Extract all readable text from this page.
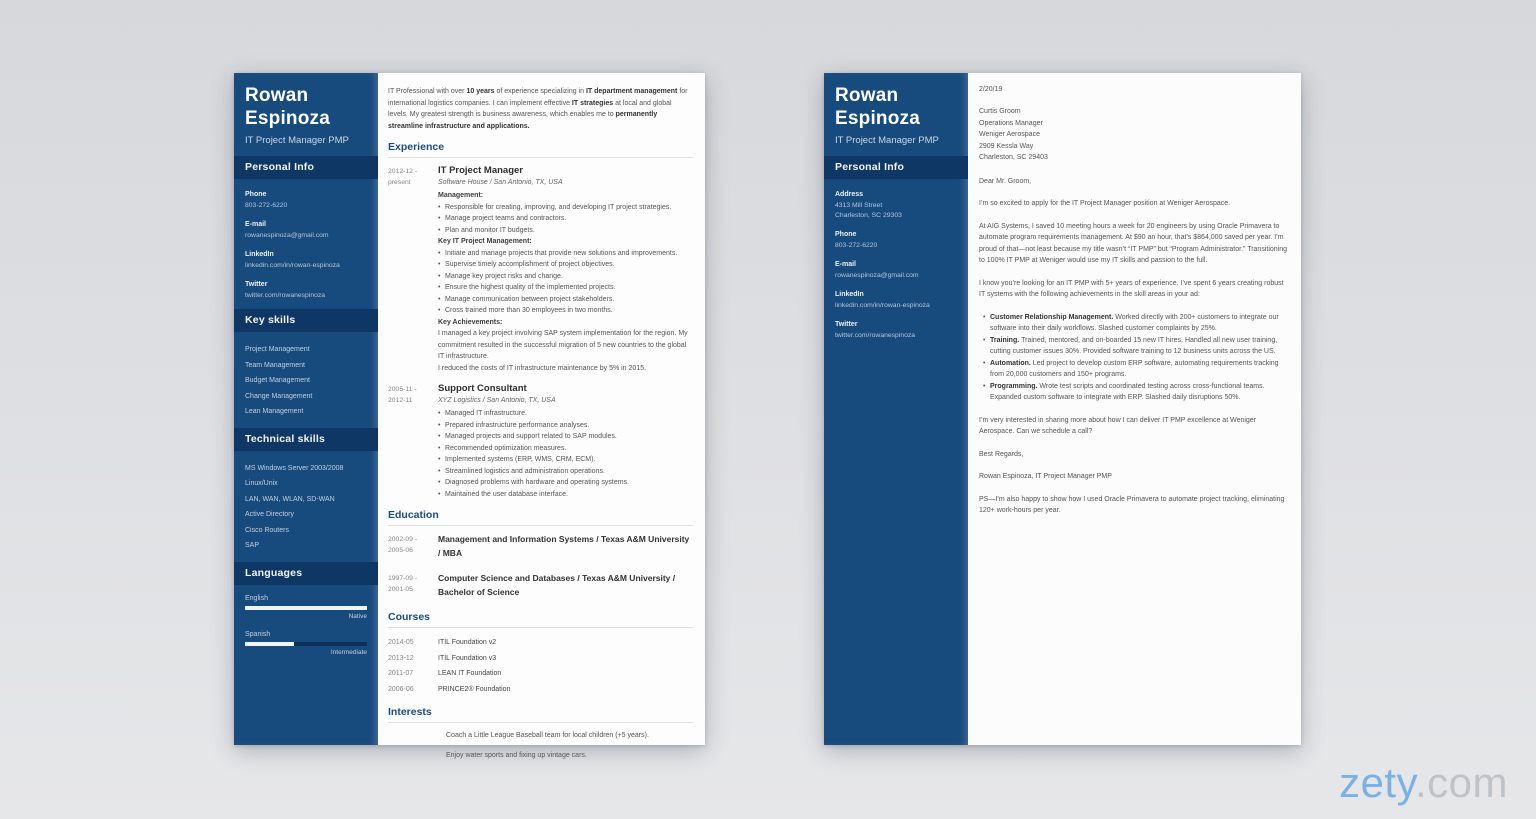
Rowan
Espinoza
IT Project Manager PMP
Personal Info
Phone
803-272-6220
E-mail
rowanespinoza@gmail.com
LinkedIn
linkedin.com/in/rowan-espinoza
Twitter
twitter.com/rowanespinoza
Key skills
Project Management
Team Management
Budget Management
Change Management
Lean Management
Technical skills
MS Windows Server 2003/2008
Linux/Unix
LAN, WAN, WLAN, SD-WAN
Active Directory
Cisco Routers
SAP
Languages
English
Native
Spanish
Intermediate

IT Professional with over 10 years of experience specializing in IT department management for international logistics companies. I can implement effective IT strategies at local and global levels. My greatest strength is business awareness, which enables me to permanently streamline infrastructure and applications.

Experience
2012-12 -
present
IT Project Manager
Software House / San Antonio, TX, USA
Management:
• Responsible for creating, improving, and developing IT project strategies.
• Manage project teams and contractors.
• Plan and monitor IT budgets.
Key IT Project Management:
• Initiate and manage projects that provide new solutions and improvements.
• Supervise timely accomplishment of project objectives.
• Manage key project risks and change.
• Ensure the highest quality of the implemented projects.
• Manage communication between project stakeholders.
• Cross trained more than 30 employees in two months.
Key Achievements:
I managed a key project involving SAP system implementation for the region. My commitment resulted in the successful migration of 5 new countries to the global IT infrastructure.
I reduced the costs of IT infrastructure maintenance by 5% in 2015.
2005-11 -
2012-11
Support Consultant
XYZ Logistics / San Antonio, TX, USA
• Managed IT infrastructure.
• Prepared infrastructure performance analyses.
• Managed projects and support related to SAP modules.
• Recommended optimization measures.
• Implemented systems (ERP, WMS, CRM, ECM).
• Streamlined logistics and administration operations.
• Diagnosed problems with hardware and operating systems.
• Maintained the user database interface.
Education
2002-09 -
2005-06
Management and Information Systems / Texas A&M University / MBA
1997-09 -
2001-05
Computer Science and Databases / Texas A&M University / Bachelor of Science
Courses
2014-05	ITIL Foundation v2
2013-12	ITIL Foundation v3
2011-07	LEAN IT Foundation
2006-06	PRINCE2® Foundation
Interests
Coach a Little League Baseball team for local children (+5 years).
Enjoy water sports and fixing up vintage cars.
Rowan
Espinoza
IT Project Manager PMP
Personal Info
Address
4313 Mill Street
Charleston, SC 29303
Phone
803-272-6220
E-mail
rowanespinoza@gmail.com
LinkedIn
linkedin.com/in/rowan-espinoza
Twitter
twitter.com/rowanespinoza
2/20/19
Curtis Groom
Operations Manager
Weniger Aerospace
2909 Kessla Way
Charleston, SC 29403
Dear Mr. Groom,
I’m so excited to apply for the IT Project Manager position at Weniger Aerospace.
At AIG Systems, I saved 10 meeting hours a week for 20 engineers by using Oracle Primavera to automate program requirements management. At $90 an hour, that’s $864,000 saved per year. I’m proud of that—not least because my title wasn’t “IT PMP” but “Program Administrator.” Transitioning to 100% IT PMP at Weniger would use my IT skills and passion to the full.
I know you’re looking for an IT PMP with 5+ years of experience. I’ve spent 6 years creating robust IT systems with the following achievements in the skill areas in your ad:
• Customer Relationship Management. Worked directly with 200+ customers to integrate our software into their daily workflows. Slashed customer complaints by 25%.
• Training. Trained, mentored, and on-boarded 15 new IT hires. Handled all new user training, cutting customer issues 30%. Provided software training to 12 business units across the US.
• Automation. Led project to develop custom ERP software, automating requirements tracking from 20,000 customers and 150+ programs.
• Programming. Wrote test scripts and coordinated testing across cross-functional teams. Expanded custom software to integrate with ERP. Slashed daily disruptions 50%.
I’m very interested in sharing more about how I can deliver IT PMP excellence at Weniger Aerospace. Can we schedule a call?
Best Regards,
Rowan Espinoza, IT Project Manager PMP
PS—I’m also happy to show how I used Oracle Primavera to automate project tracking, eliminating 120+ work-hours per year.
zety.com
